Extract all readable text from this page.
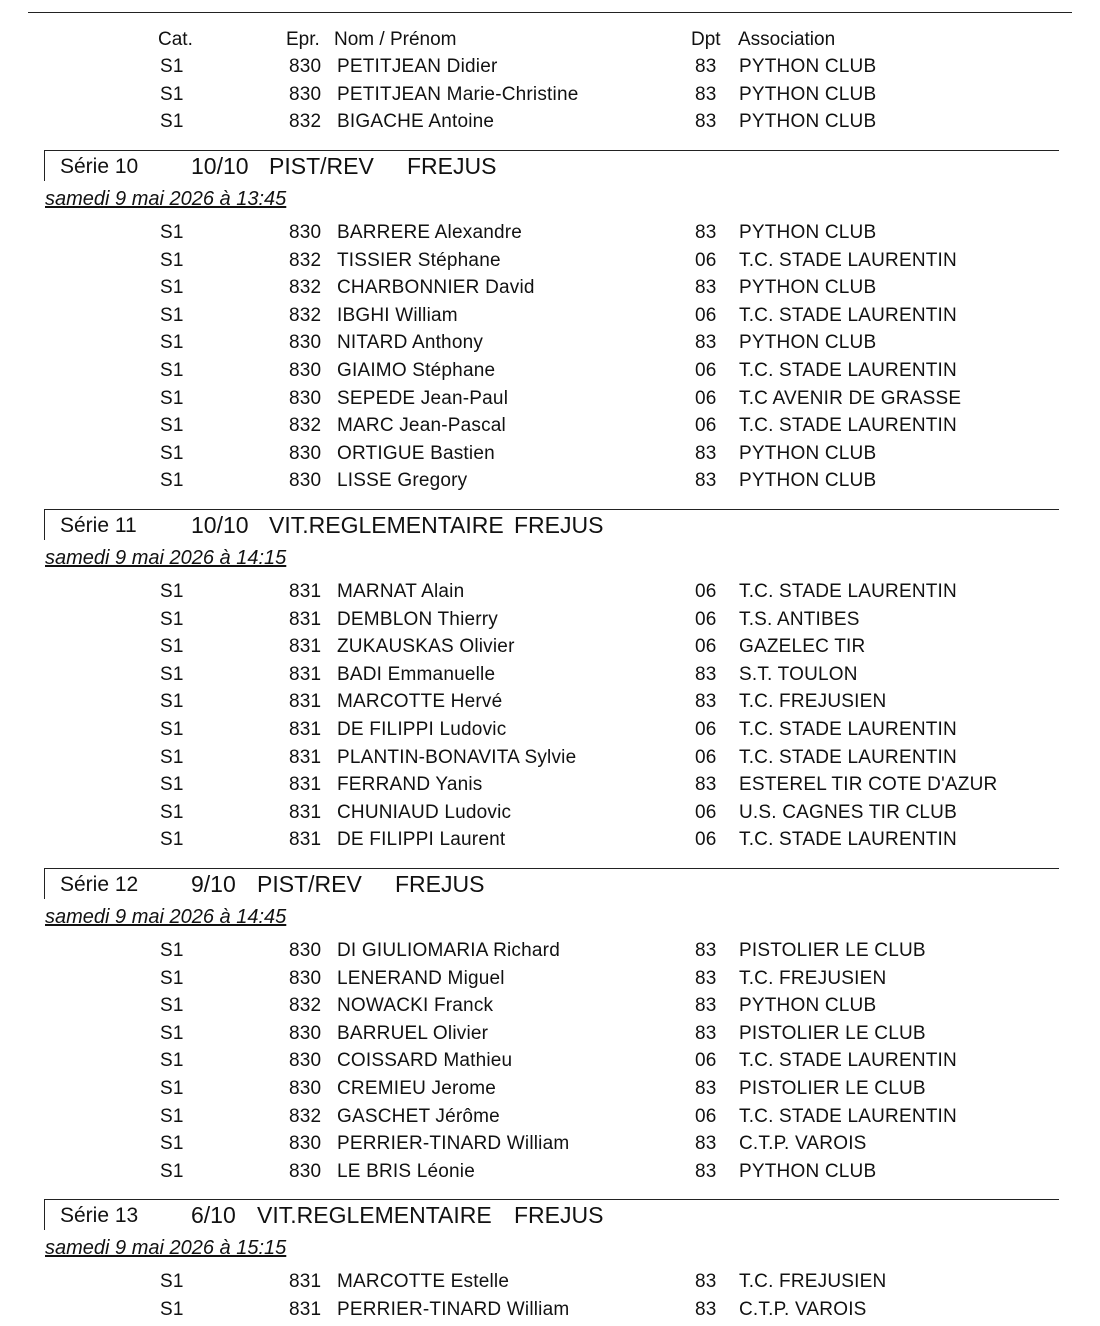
Cat.	Epr. Nom / Prénom	Dpt Association
S1	830 PETITJEAN Didier	83 PYTHON CLUB
S1	830 PETITJEAN Marie-Christine	83 PYTHON CLUB
S1	832 BIGACHE Antoine	83 PYTHON CLUB
Série 10 10/10 PIST/REV FREJUS
samedi 9 mai 2026 à 13:45
S1	830 BARRERE Alexandre	83 PYTHON CLUB
S1	832 TISSIER Stéphane	06 T.C. STADE LAURENTIN
S1	832 CHARBONNIER David	83 PYTHON CLUB
S1	832 IBGHI William	06 T.C. STADE LAURENTIN
S1	830 NITARD Anthony	83 PYTHON CLUB
S1	830 GIAIMO Stéphane	06 T.C. STADE LAURENTIN
S1	830 SEPEDE Jean-Paul	06 T.C AVENIR DE GRASSE
S1	832 MARC Jean-Pascal	06 T.C. STADE LAURENTIN
S1	830 ORTIGUE Bastien	83 PYTHON CLUB
S1	830 LISSE Gregory	83 PYTHON CLUB
Série 11 10/10 VIT.REGLEMENTAIRE FREJUS
samedi 9 mai 2026 à 14:15
S1	831 MARNAT Alain	06 T.C. STADE LAURENTIN
S1	831 DEMBLON Thierry	06 T.S. ANTIBES
S1	831 ZUKAUSKAS Olivier	06 GAZELEC TIR
S1	831 BADI Emmanuelle	83 S.T. TOULON
S1	831 MARCOTTE Hervé	83 T.C. FREJUSIEN
S1	831 DE FILIPPI Ludovic	06 T.C. STADE LAURENTIN
S1	831 PLANTIN-BONAVITA Sylvie	06 T.C. STADE LAURENTIN
S1	831 FERRAND Yanis	83 ESTEREL TIR COTE D'AZUR
S1	831 CHUNIAUD Ludovic	06 U.S. CAGNES TIR CLUB
S1	831 DE FILIPPI Laurent	06 T.C. STADE LAURENTIN
Série 12 9/10 PIST/REV FREJUS
samedi 9 mai 2026 à 14:45
S1	830 DI GIULIOMARIA Richard	83 PISTOLIER LE CLUB
S1	830 LENERAND Miguel	83 T.C. FREJUSIEN
S1	832 NOWACKI Franck	83 PYTHON CLUB
S1	830 BARRUEL Olivier	83 PISTOLIER LE CLUB
S1	830 COISSARD Mathieu	06 T.C. STADE LAURENTIN
S1	830 CREMIEU Jerome	83 PISTOLIER LE CLUB
S1	832 GASCHET Jérôme	06 T.C. STADE LAURENTIN
S1	830 PERRIER-TINARD William	83 C.T.P. VAROIS
S1	830 LE BRIS Léonie	83 PYTHON CLUB
Série 13 6/10 VIT.REGLEMENTAIRE FREJUS
samedi 9 mai 2026 à 15:15
S1	831 MARCOTTE Estelle	83 T.C. FREJUSIEN
S1	831 PERRIER-TINARD William	83 C.T.P. VAROIS
